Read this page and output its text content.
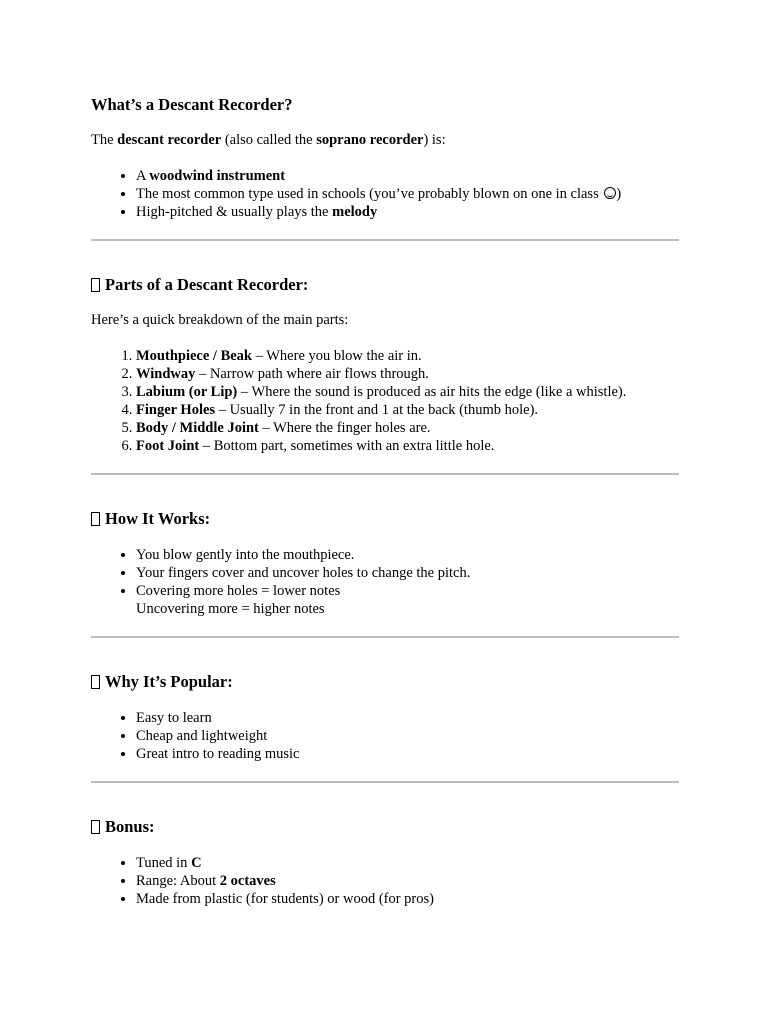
What’s a Descant Recorder?

The descant recorder (also called the soprano recorder) is:

• A woodwind instrument
• The most common type used in schools (you’ve probably blown on one in class )
• High-pitched & usually plays the melody
Parts of a Descant Recorder:

Here’s a quick breakdown of the main parts:

1. Mouthpiece / Beak – Where you blow the air in.
2. Windway – Narrow path where air flows through.
3. Labium (or Lip) – Where the sound is produced as air hits the edge (like a whistle).
4. Finger Holes – Usually 7 in the front and 1 at the back (thumb hole).
5. Body / Middle Joint – Where the finger holes are.
6. Foot Joint – Bottom part, sometimes with an extra little hole.
How It Works:
• You blow gently into the mouthpiece.
• Your fingers cover and uncover holes to change the pitch.
• Covering more holes = lower notes
Uncovering more = higher notes
Why It’s Popular:
• Easy to learn
• Cheap and lightweight
• Great intro to reading music
Bonus:
• Tuned in C
• Range: About 2 octaves
• Made from plastic (for students) or wood (for pros)
